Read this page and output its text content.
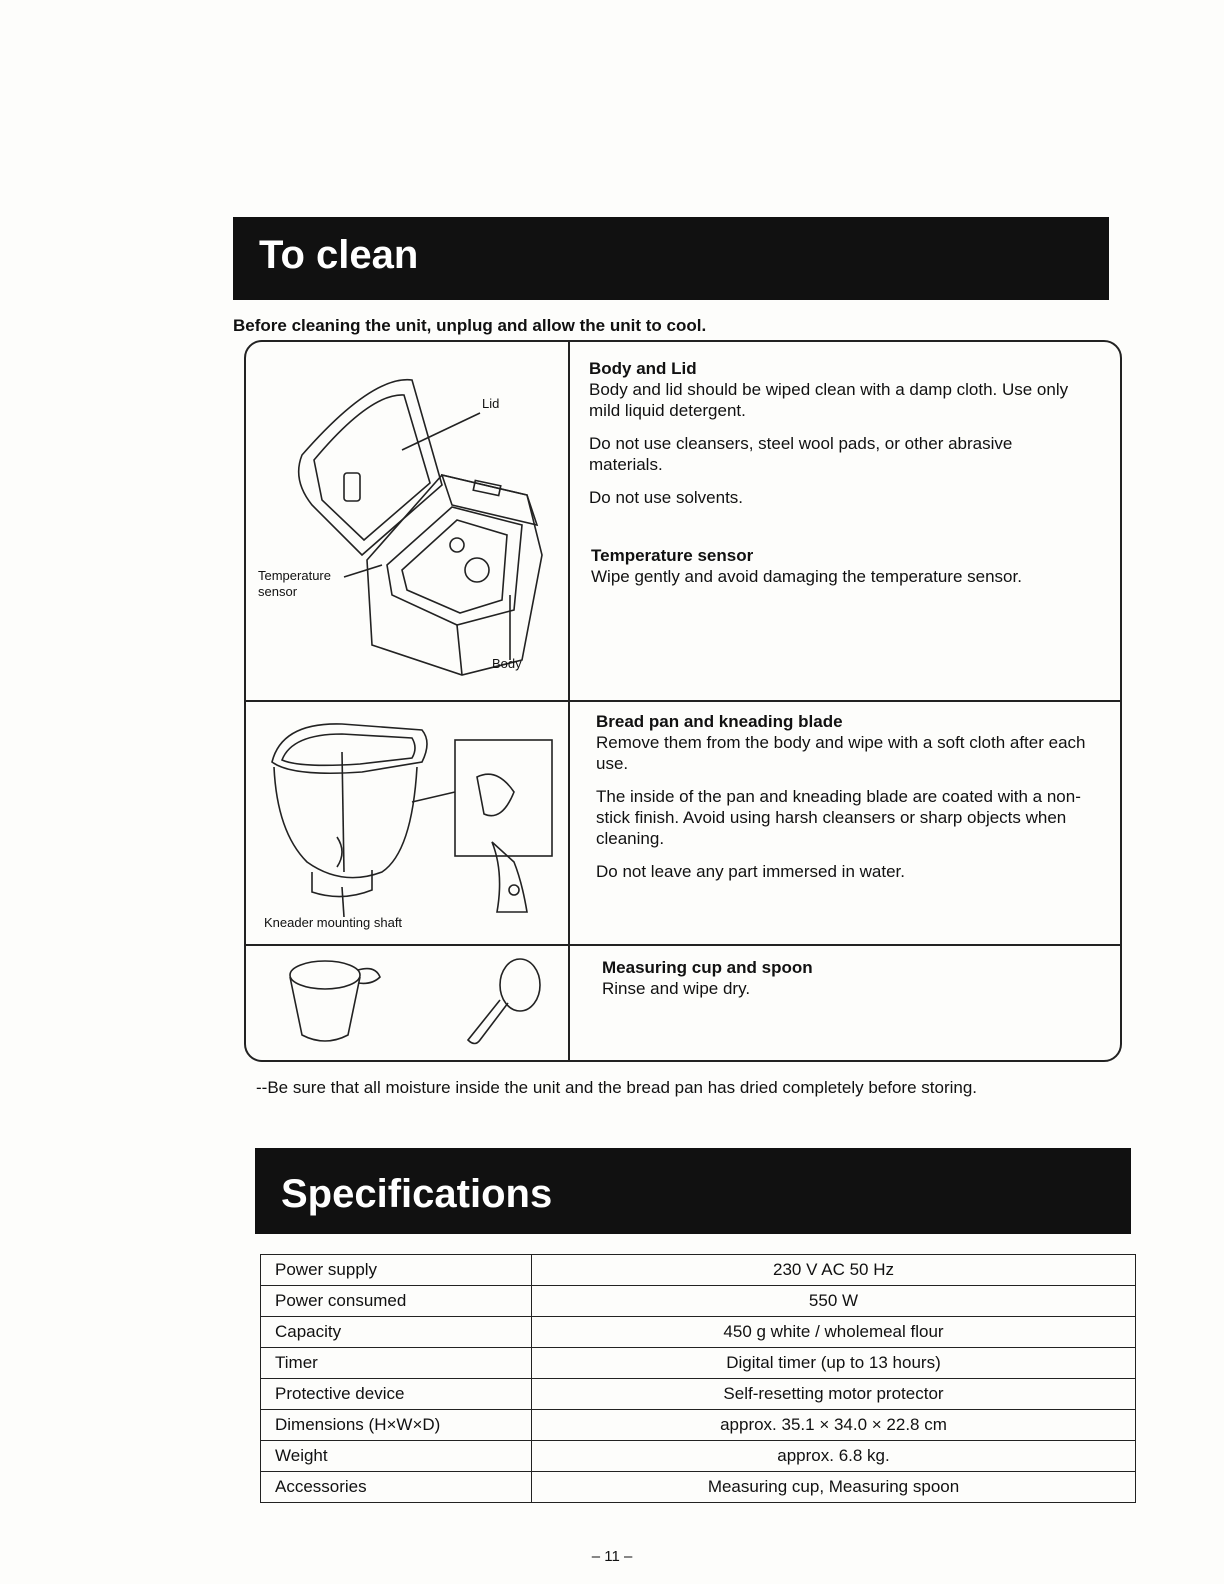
To clean
Before cleaning the unit, unplug and allow the unit to cool.
Lid
Temperature sensor
Body
Kneader mounting shaft
Body and Lid

Body and lid should be wiped clean with a damp cloth. Use only mild liquid detergent.

Do not use cleansers, steel wool pads, or other abrasive materials.

Do not use solvents.

Temperature sensor

Wipe gently and avoid damaging the temperature sensor.

Bread pan and kneading blade

Remove them from the body and wipe with a soft cloth after each use.

The inside of the pan and kneading blade are coated with a non-stick finish. Avoid using harsh cleansers or sharp objects when cleaning.

Do not leave any part immersed in water.

Measuring cup and spoon

Rinse and wipe dry.

--Be sure that all moisture inside the unit and the bread pan has dried completely before storing.
Specifications
Power supply	230 V AC 50 Hz
Power consumed	550 W
Capacity	450 g white / wholemeal flour
Timer	Digital timer (up to 13 hours)
Protective device	Self-resetting motor protector
Dimensions (H×W×D)	approx. 35.1 × 34.0 × 22.8 cm
Weight	approx. 6.8 kg.
Accessories	Measuring cup, Measuring spoon
– 11 –
